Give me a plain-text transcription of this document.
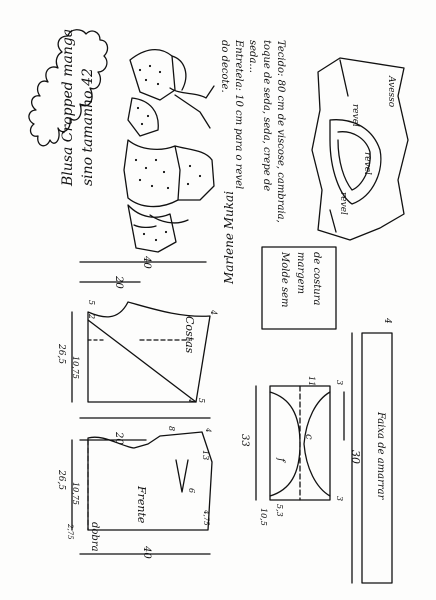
Blusa Cropped manga sino tamanho 42	Tecido: 80 cm de viscose, cambraia,
toque de seda, seda, crepe de
seda...
Entretela: 10 cm para o revel
do decote.
Marlene Mukai	Molde sem margem de costura
Avesso
revel
revel
revel
Costas
20
40
26,5
10,75
5
2
4
4 5
Frente
dobra
20
40
26,5
10,75
8
13
6
2,75
4,75
4
33	c
f
11 3
3
10,5 5,3
Faixa de amarrar
30
4
